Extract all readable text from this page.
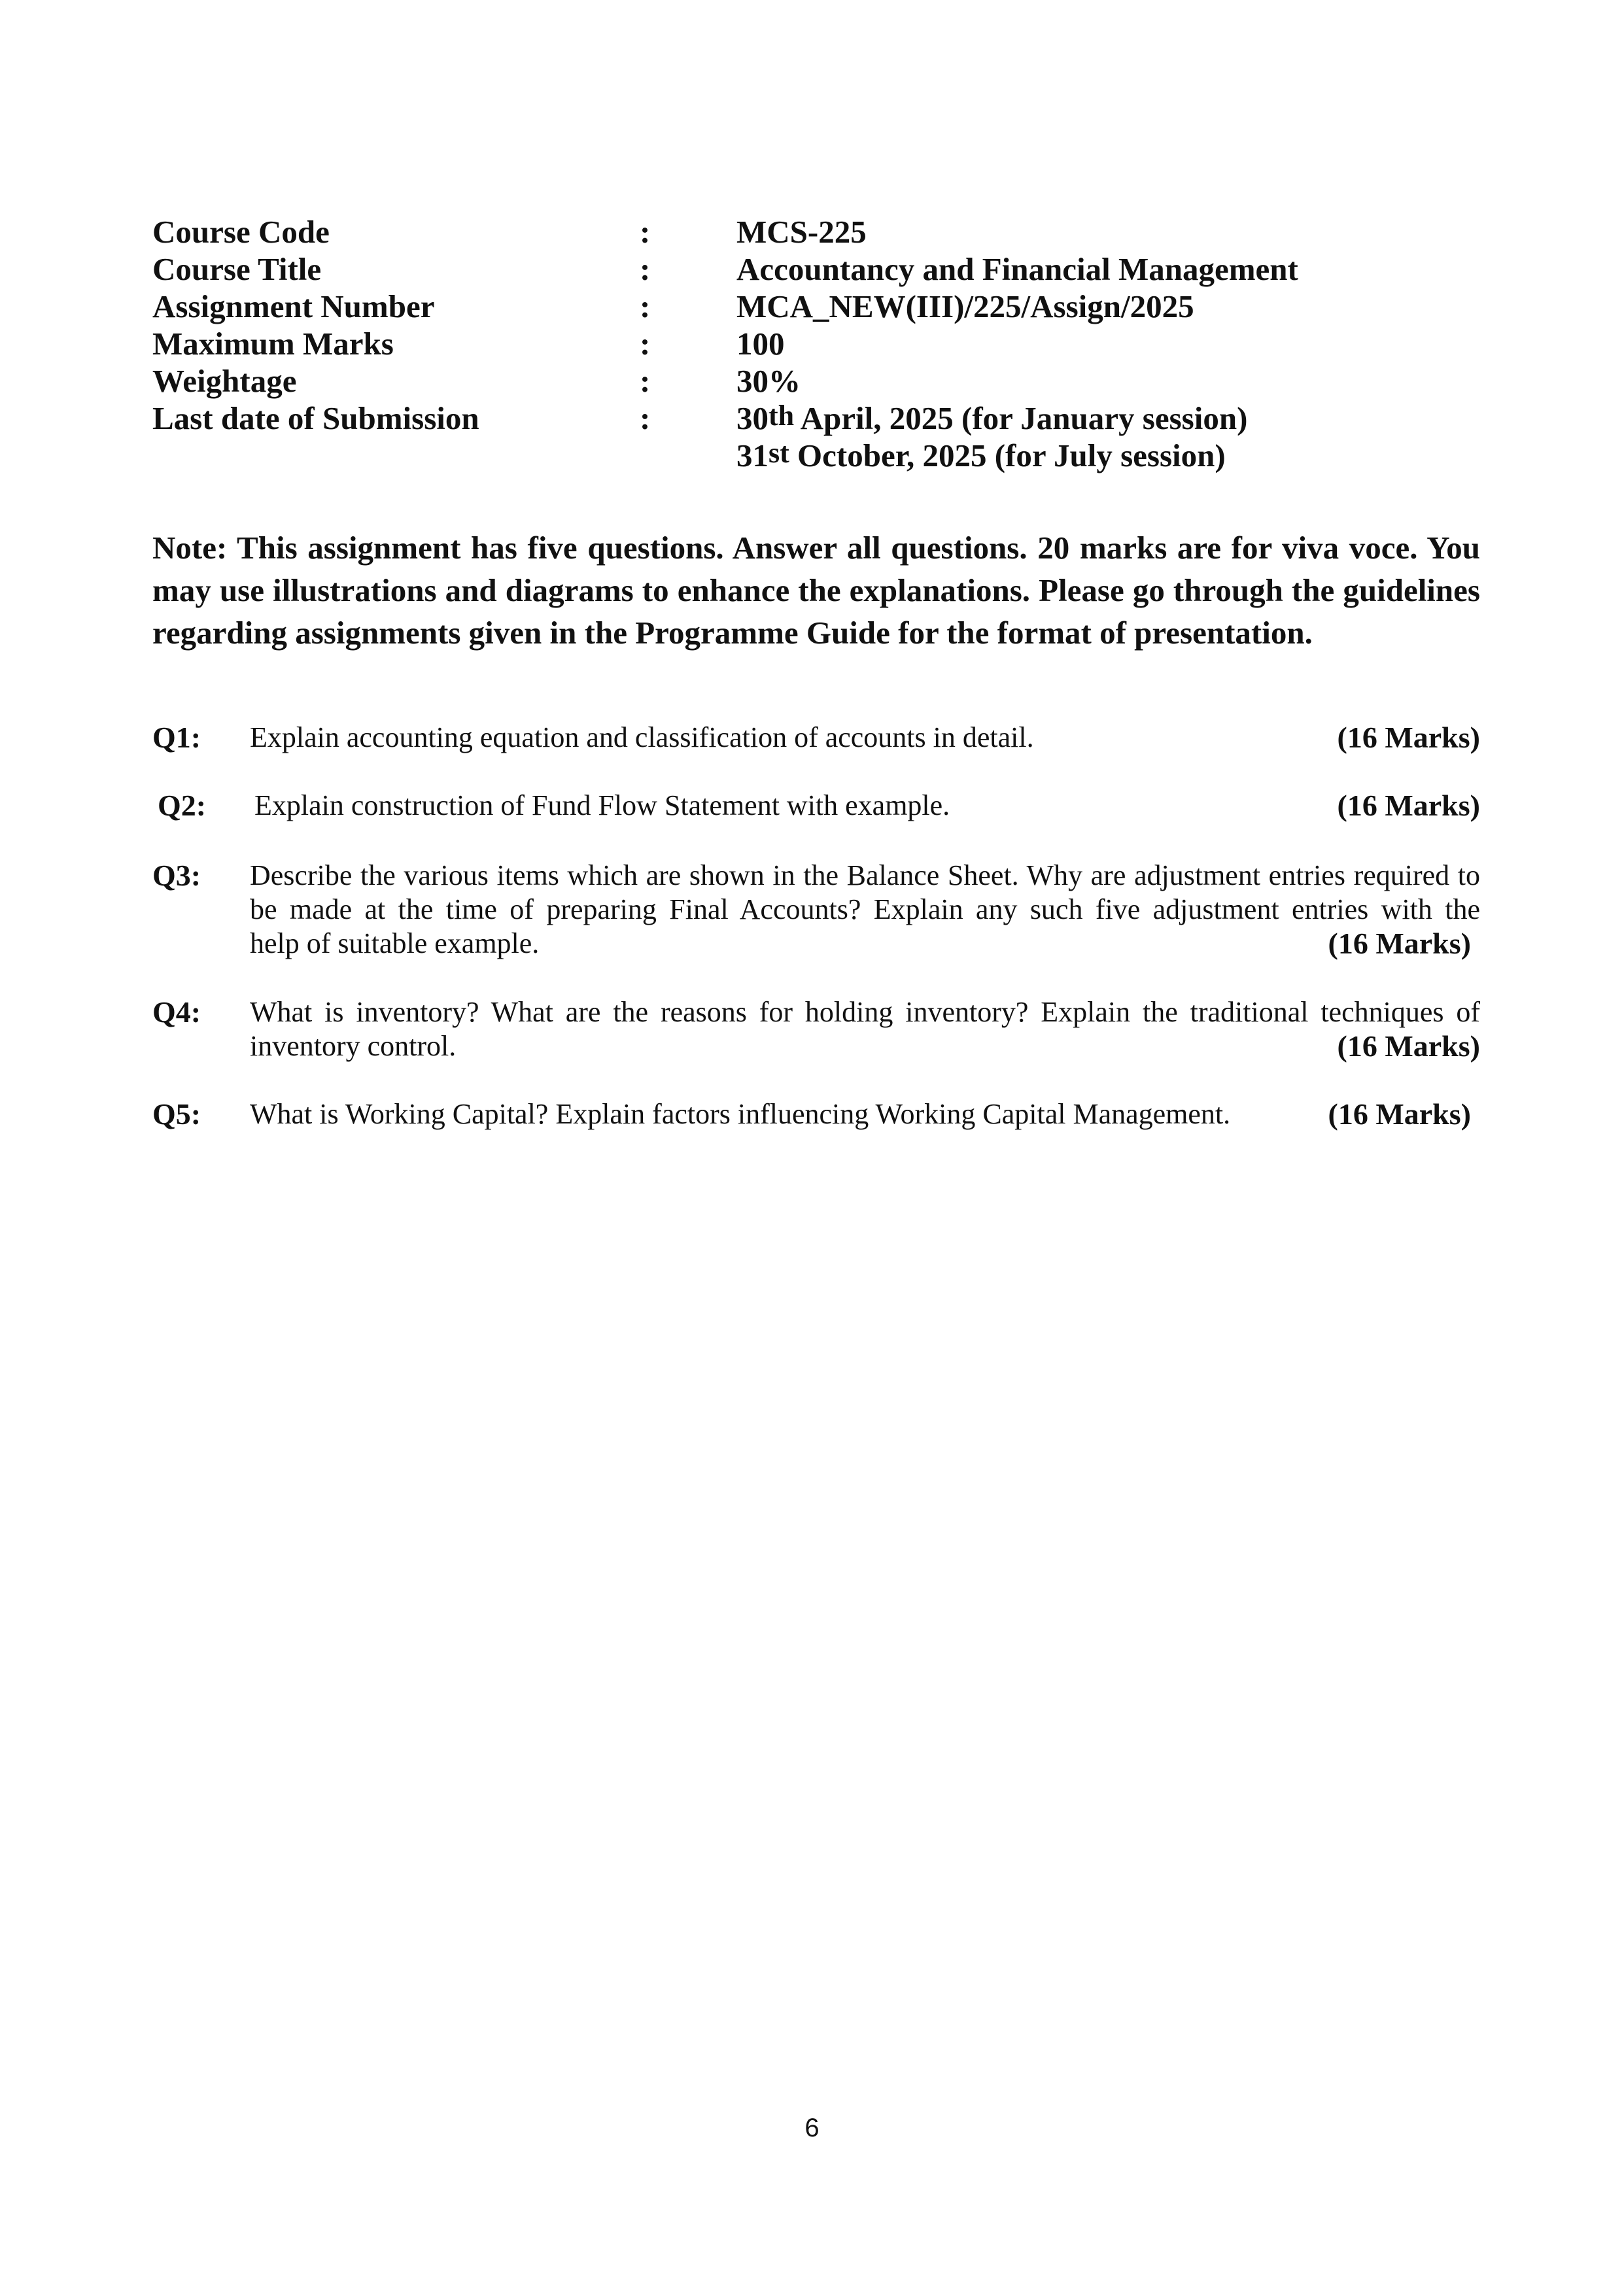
Course Code	:	MCS-225
Course Title	:	Accountancy and Financial Management
Assignment Number	:	MCA_NEW(III)/225/Assign/2025
Maximum Marks	:	100
Weightage	:	30%
Last date of Submission	:	30th April, 2025 (for January session)
31st October, 2025 (for July session)

Note: This assignment has five questions. Answer all questions. 20 marks are for viva voce. You may use illustrations and diagrams to enhance the explanations. Please go through the guidelines regarding assignments given in the Programme Guide for the format of presentation.

Q1: Explain accounting equation and classification of accounts in detail.	(16 Marks)
Q2: Explain construction of Fund Flow Statement with example.	(16 Marks)
Q3: Describe the various items which are shown in the Balance Sheet. Why are adjustment entries required to be made at the time of preparing Final Accounts? Explain any such five adjustment entries with the
help of suitable example.	(16 Marks)
Q4: What is inventory? What are the reasons for holding inventory? Explain the traditional techniques of
inventory control.	(16 Marks)
Q5: What is Working Capital? Explain factors influencing Working Capital Management.	(16 Marks)
6
